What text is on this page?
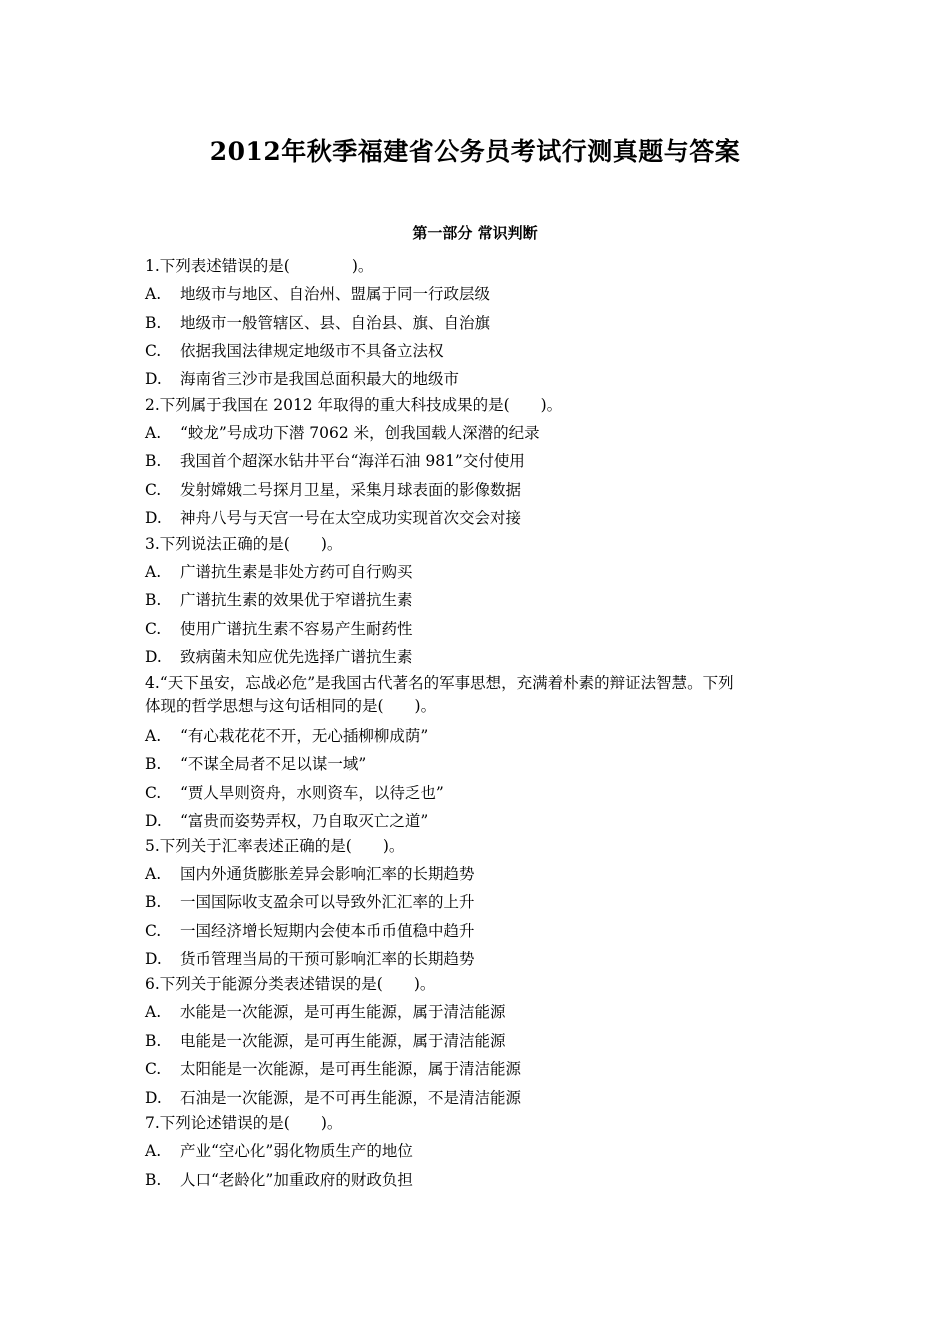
2012年秋季福建省公务员考试行测真题与答案
第一部分 常识判断
1.下列表述错误的是(　　　　)。
A. 地级市与地区、自治州、盟属于同一行政层级
B. 地级市一般管辖区、县、自治县、旗、自治旗
C. 依据我国法律规定地级市不具备立法权
D. 海南省三沙市是我国总面积最大的地级市
2.下列属于我国在 2012 年取得的重大科技成果的是(　　)。
A. “蛟龙”号成功下潜 7062 米，创我国载人深潜的纪录
B. 我国首个超深水钻井平台“海洋石油 981”交付使用
C. 发射嫦娥二号探月卫星，采集月球表面的影像数据
D. 神舟八号与天宫一号在太空成功实现首次交会对接
3.下列说法正确的是(　　)。
A. 广谱抗生素是非处方药可自行购买
B. 广谱抗生素的效果优于窄谱抗生素
C. 使用广谱抗生素不容易产生耐药性
D. 致病菌未知应优先选择广谱抗生素
4.“天下虽安，忘战必危”是我国古代著名的军事思想，充满着朴素的辩证法智慧。下列
体现的哲学思想与这句话相同的是(　　)。
A. “有心栽花花不开，无心插柳柳成荫”
B. “不谋全局者不足以谋一域”
C. “贾人旱则资舟，水则资车，以待乏也”
D. “富贵而姿势弄权，乃自取灭亡之道”
5.下列关于汇率表述正确的是(　　)。
A. 国内外通货膨胀差异会影响汇率的长期趋势
B. 一国国际收支盈余可以导致外汇汇率的上升
C. 一国经济增长短期内会使本币币值稳中趋升
D. 货币管理当局的干预可影响汇率的长期趋势
6.下列关于能源分类表述错误的是(　　)。
A. 水能是一次能源，是可再生能源，属于清洁能源
B. 电能是一次能源，是可再生能源，属于清洁能源
C. 太阳能是一次能源，是可再生能源，属于清洁能源
D. 石油是一次能源，是不可再生能源，不是清洁能源
7.下列论述错误的是(　　)。
A. 产业“空心化”弱化物质生产的地位
B. 人口“老龄化”加重政府的财政负担
